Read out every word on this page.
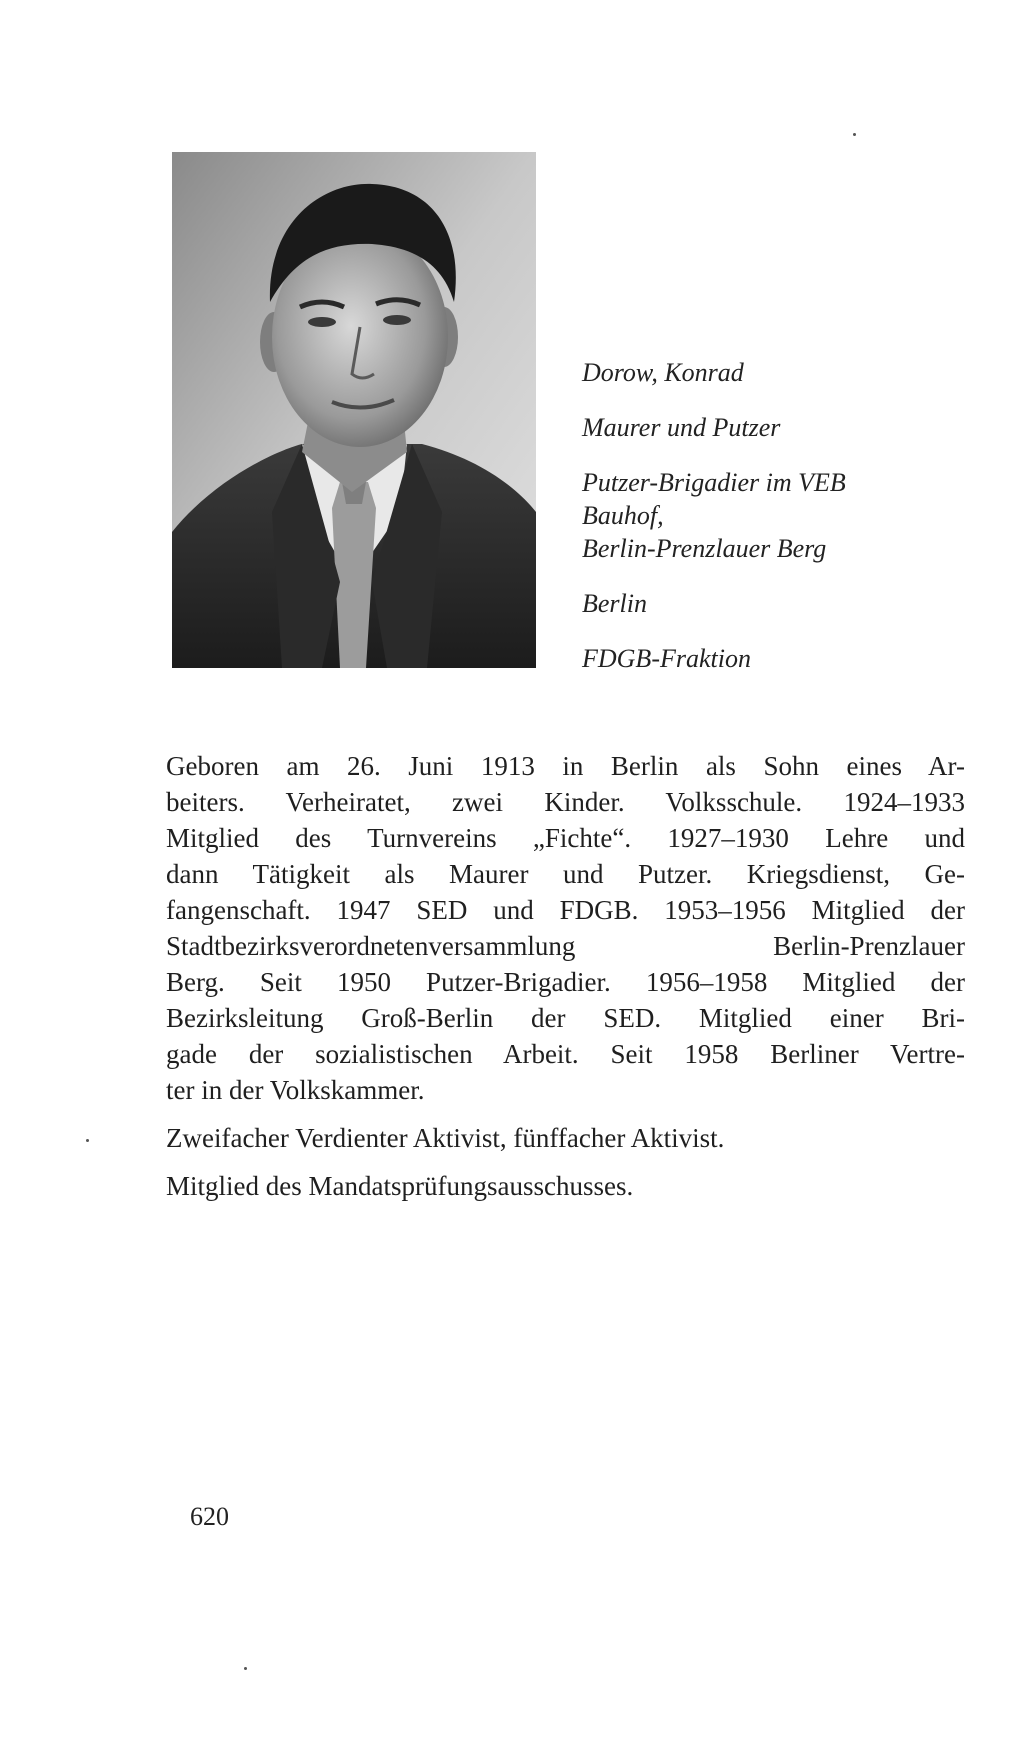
Dorow, Konrad

Maurer und Putzer

Putzer-Brigadier im VEB
Bauhof,
Berlin-Prenzlauer Berg

Berlin

FDGB-Fraktion

Geboren am 26. Juni 1913 in Berlin als Sohn eines Ar-
beiters. Verheiratet, zwei Kinder. Volksschule. 1924–1933
Mitglied des Turnvereins „Fichte“. 1927–1930 Lehre und
dann Tätigkeit als Maurer und Putzer. Kriegsdienst, Ge-
fangenschaft. 1947 SED und FDGB. 1953–1956 Mitglied der
Stadtbezirksverordnetenversammlung Berlin-Prenzlauer
Berg. Seit 1950 Putzer-Brigadier. 1956–1958 Mitglied der
Bezirksleitung Groß-Berlin der SED. Mitglied einer Bri-
gade der sozialistischen Arbeit. Seit 1958 Berliner Vertre-
ter in der Volkskammer.

Zweifacher Verdienter Aktivist, fünffacher Aktivist.

Mitglied des Mandatsprüfungsausschusses.

620
